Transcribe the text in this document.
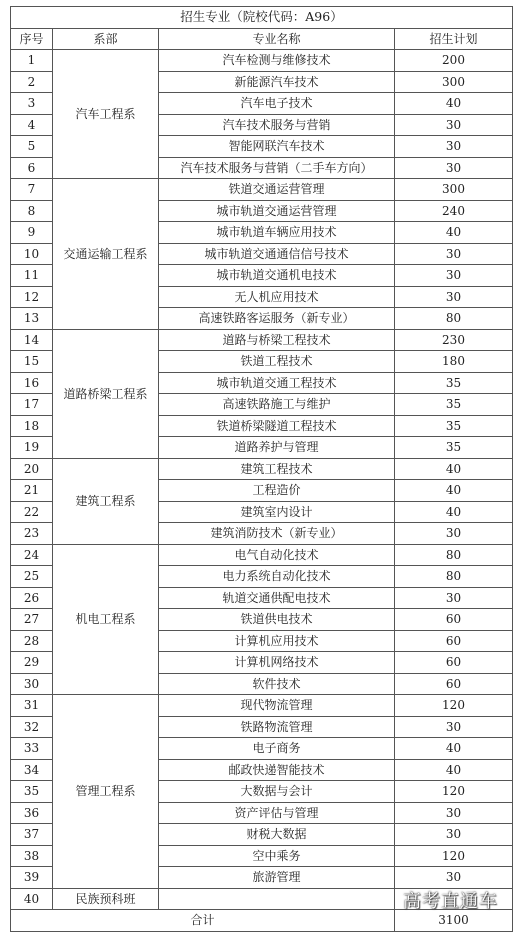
招生专业（院校代码：A96）			
序号	系部	专业名称	招生计划
1	汽车工程系	汽车检测与维修技术	200
2		新能源汽车技术	300
3		汽车电子技术	40
4		汽车技术服务与营销	30
5		智能网联汽车技术	30
6		汽车技术服务与营销（二手车方向）	30
7	交通运输工程系	铁道交通运营管理	300
8		城市轨道交通运营管理	240
9		城市轨道车辆应用技术	40
10		城市轨道交通通信信号技术	30
11		城市轨道交通机电技术	30
12		无人机应用技术	30
13		高速铁路客运服务（新专业）	80
14	道路桥梁工程系	道路与桥梁工程技术	230
15		铁道工程技术	180
16		城市轨道交通工程技术	35
17		高速铁路施工与维护	35
18		铁道桥梁隧道工程技术	35
19		道路养护与管理	35
20	建筑工程系	建筑工程技术	40
21		工程造价	40
22		建筑室内设计	40
23		建筑消防技术（新专业）	30
24	机电工程系	电气自动化技术	80
25		电力系统自动化技术	80
26		轨道交通供配电技术	30
27		铁道供电技术	60
28		计算机应用技术	60
29		计算机网络技术	60
30		软件技术	60
31	管理工程系	现代物流管理	120
32		铁路物流管理	30
33		电子商务	40
34		邮政快递智能技术	40
35		大数据与会计	120
36		资产评估与管理	30
37		财税大数据	30
38		空中乘务	120
39		旅游管理	30
40	民族预科班		
合计			3100
高考直通车
